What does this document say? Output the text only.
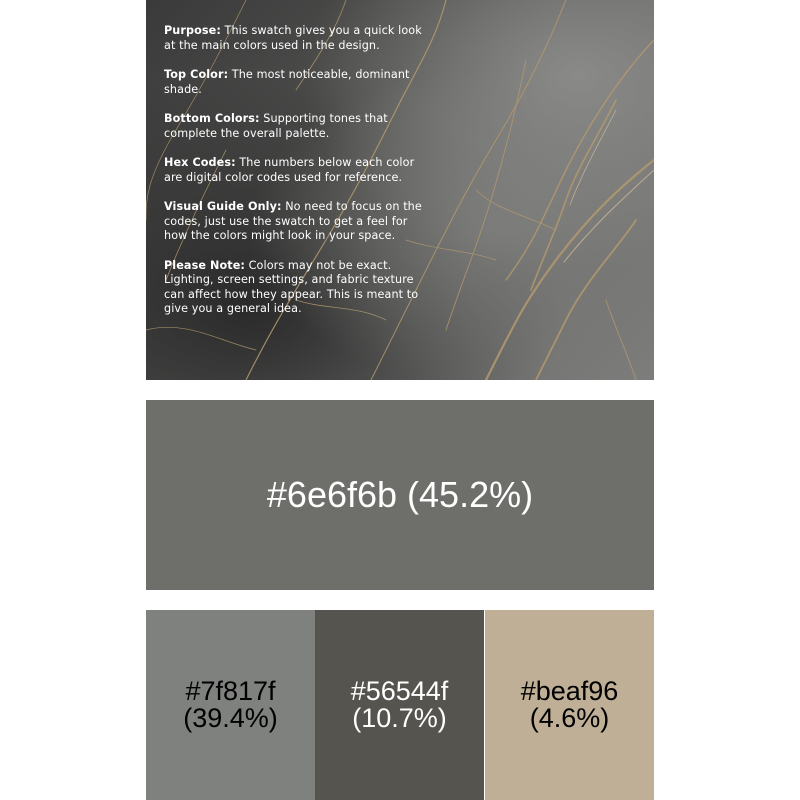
Purpose: This swatch gives you a quick look at the main colors used in the design.

Top Color: The most noticeable, dominant shade.

Bottom Colors: Supporting tones that complete the overall palette.

Hex Codes: The numbers below each color are digital color codes used for reference.

Visual Guide Only: No need to focus on the codes, just use the swatch to get a feel for how the colors might look in your space.

Please Note: Colors may not be exact. Lighting, screen settings, and fabric texture can affect how they appear. This is meant to give you a general idea.

#6e6f6b (45.2%)
#7f817f
(39.4%)
#56544f
(10.7%)
#beaf96
(4.6%)
